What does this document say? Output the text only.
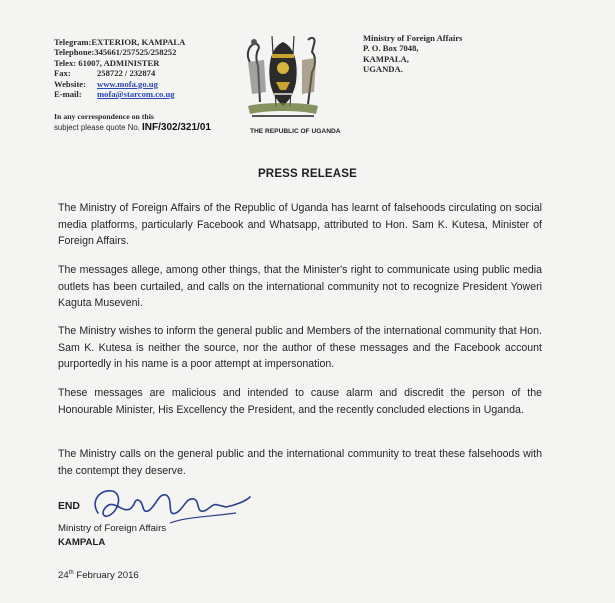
Telegram:EXTERIOR, KAMPALA
Telephone:345661/257525/258252
Telex: 61007, ADMINISTER
Fax:	258722 / 232874
Website:	www.mofa.go.ug
E-mail:	mofa@starcom.co.ug
In any correspondence on this
subject please quote No. INF/302/321/01	THE REPUBLIC OF UGANDA
Ministry of Foreign Affairs
P. O. Box 7048,
KAMPALA,
UGANDA.
PRESS RELEASE

The Ministry of Foreign Affairs of the Republic of Uganda has learnt of falsehoods circulating on social media platforms, particularly Facebook and Whatsapp, attributed to Hon. Sam K. Kutesa, Minister of Foreign Affairs.

The messages allege, among other things, that the Minister's right to communicate using public media outlets has been curtailed, and calls on the international community not to recognize President Yoweri Kaguta Museveni.

The Ministry wishes to inform the general public and Members of the international community that Hon. Sam K. Kutesa is neither the source, nor the author of these messages and the Facebook account purportedly in his name is a poor attempt at impersonation.

These messages are malicious and intended to cause alarm and discredit the person of the Honourable Minister, His Excellency the President, and the recently concluded elections in Uganda.

The Ministry calls on the general public and the international community to treat these falsehoods with the contempt they deserve.

END
Ministry of Foreign Affairs
KAMPALA
24th February 2016
